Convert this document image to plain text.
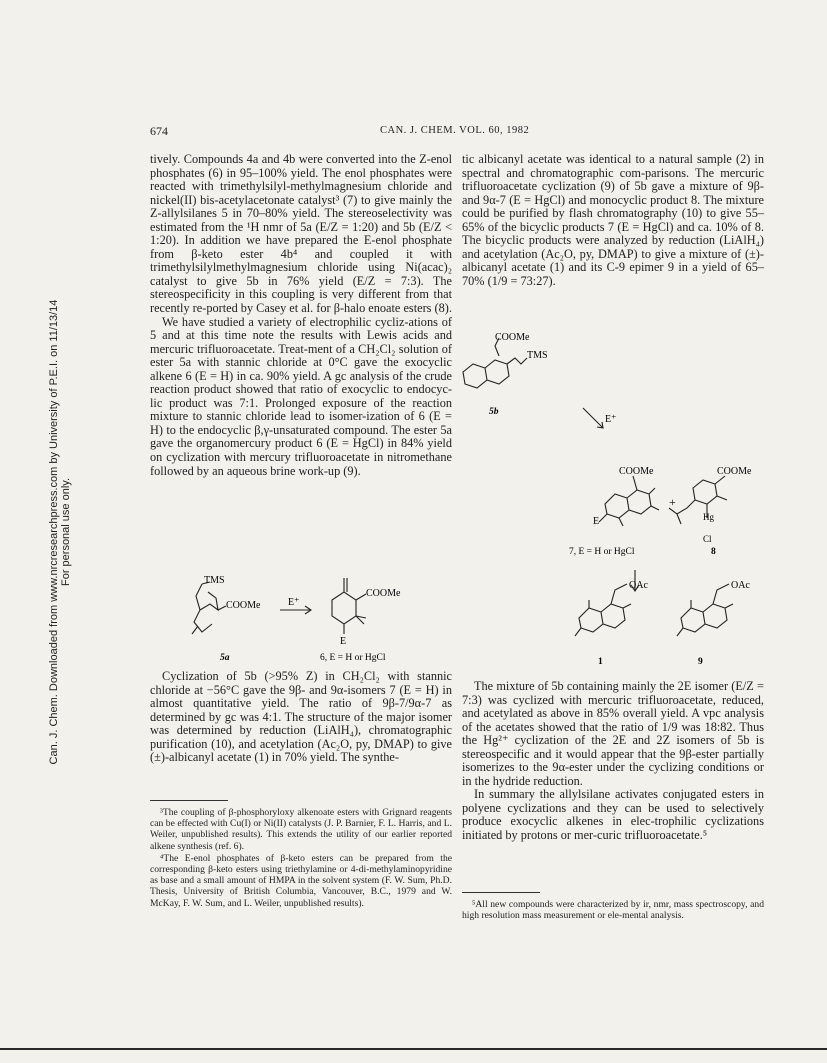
Can. J. Chem. Downloaded from www.nrcresearchpress.com by University of P.E.I. on 11/13/14 For personal use only.
674	CAN. J. CHEM. VOL. 60, 1982

tively. Compounds 4a and 4b were converted into the Z-enol phosphates (6) in 95–100% yield. The enol phosphates were reacted with trimethylsilyl-methylmagnesium chloride and nickel(II) bis-acetylacetonate catalyst³ (7) to give mainly the Z-allylsilanes 5 in 70–80% yield. The stereoselectivity was estimated from the ¹H nmr of 5a (E/Z = 1:20) and 5b (E/Z < 1:20). In addition we have prepared the E-enol phosphate from β-keto ester 4b⁴ and coupled it with trimethylsilylmethylmagnesium chloride using Ni(acac)₂ catalyst to give 5b in 76% yield (E/Z = 7:3). The stereospecificity in this coupling is very different from that recently re-ported by Casey et al. for β-halo enoate esters (8).

We have studied a variety of electrophilic cycliz-ations of 5 and at this time note the results with Lewis acids and mercuric trifluoroacetate. Treat-ment of a CH₂Cl₂ solution of ester 5a with stannic chloride at 0°C gave the exocyclic alkene 6 (E = H) in ca. 90% yield. A gc analysis of the crude reaction product showed that ratio of exocyclic to endocyc-lic product was 7:1. Prolonged exposure of the reaction mixture to stannic chloride lead to isomer-ization of 6 (E = H) to the endocyclic β,γ-unsaturated compound. The ester 5a gave the organomercury product 6 (E = HgCl) in 84% yield on cyclization with mercury trifluoroacetate in nitromethane followed by an aqueous brine work-up (9).

TMS
COOMe	E⁺
COOMe
E
5a	6, E = H or HgCl

Cyclization of 5b (>95% Z) in CH₂Cl₂ with stannic chloride at −56°C gave the 9β- and 9α-isomers 7 (E = H) in almost quantitative yield. The ratio of 9β-7/9α-7 as determined by gc was 4:1. The structure of the major isomer was determined by reduction (LiAlH₄), chromatographic purification (10), and acetylation (Ac₂O, py, DMAP) to give (±)-albicanyl acetate (1) in 70% yield. The synthe-

³The coupling of β-phosphoryloxy alkenoate esters with Grignard reagents can be effected with Cu(I) or Ni(II) catalysts (J. P. Barnier, F. L. Harris, and L. Weiler, unpublished results). This extends the utility of our earlier reported alkene synthesis (ref. 6).

⁴The E-enol phosphates of β-keto esters can be prepared from the corresponding β-keto esters using triethylamine or 4-di-methylaminopyridine as base and a small amount of HMPA in the solvent system (F. W. Sum, Ph.D. Thesis, University of British Columbia, Vancouver, B.C., 1979 and W. McKay, F. W. Sum, and L. Weiler, unpublished results).

tic albicanyl acetate was identical to a natural sample (2) in spectral and chromatographic com-parisons. The mercuric trifluoroacetate cyclization (9) of 5b gave a mixture of 9β- and 9α-7 (E = HgCl) and monocyclic product 8. The mixture could be purified by flash chromatography (10) to give 55–65% of the bicyclic products 7 (E = HgCl) and ca. 10% of 8. The bicyclic products were analyzed by reduction (LiAlH₄) and acetylation (Ac₂O, py, DMAP) to give a mixture of (±)-albicanyl acetate (1) and its C-9 epimer 9 in a yield of 65–70% (1/9 = 73:27).

COOMe
TMS
5b
E⁺
COOMe
E
+
COOMe
Hg
Cl
7, E = H or HgCl	8
OAc	OAc
1	9

The mixture of 5b containing mainly the 2E isomer (E/Z = 7:3) was cyclized with mercuric trifluoroacetate, reduced, and acetylated as above in 85% overall yield. A vpc analysis of the acetates showed that the ratio of 1/9 was 18:82. Thus the Hg²⁺ cyclization of the 2E and 2Z isomers of 5b is stereospecific and it would appear that the 9β-ester partially isomerizes to the 9α-ester under the cyclizing conditions or in the hydride reduction.

In summary the allylsilane activates conjugated esters in polyene cyclizations and they can be used to selectively produce exocyclic alkenes in elec-trophilic cyclizations initiated by protons or mer-curic trifluoroacetate.⁵

⁵All new compounds were characterized by ir, nmr, mass spectroscopy, and high resolution mass measurement or ele-mental analysis.
